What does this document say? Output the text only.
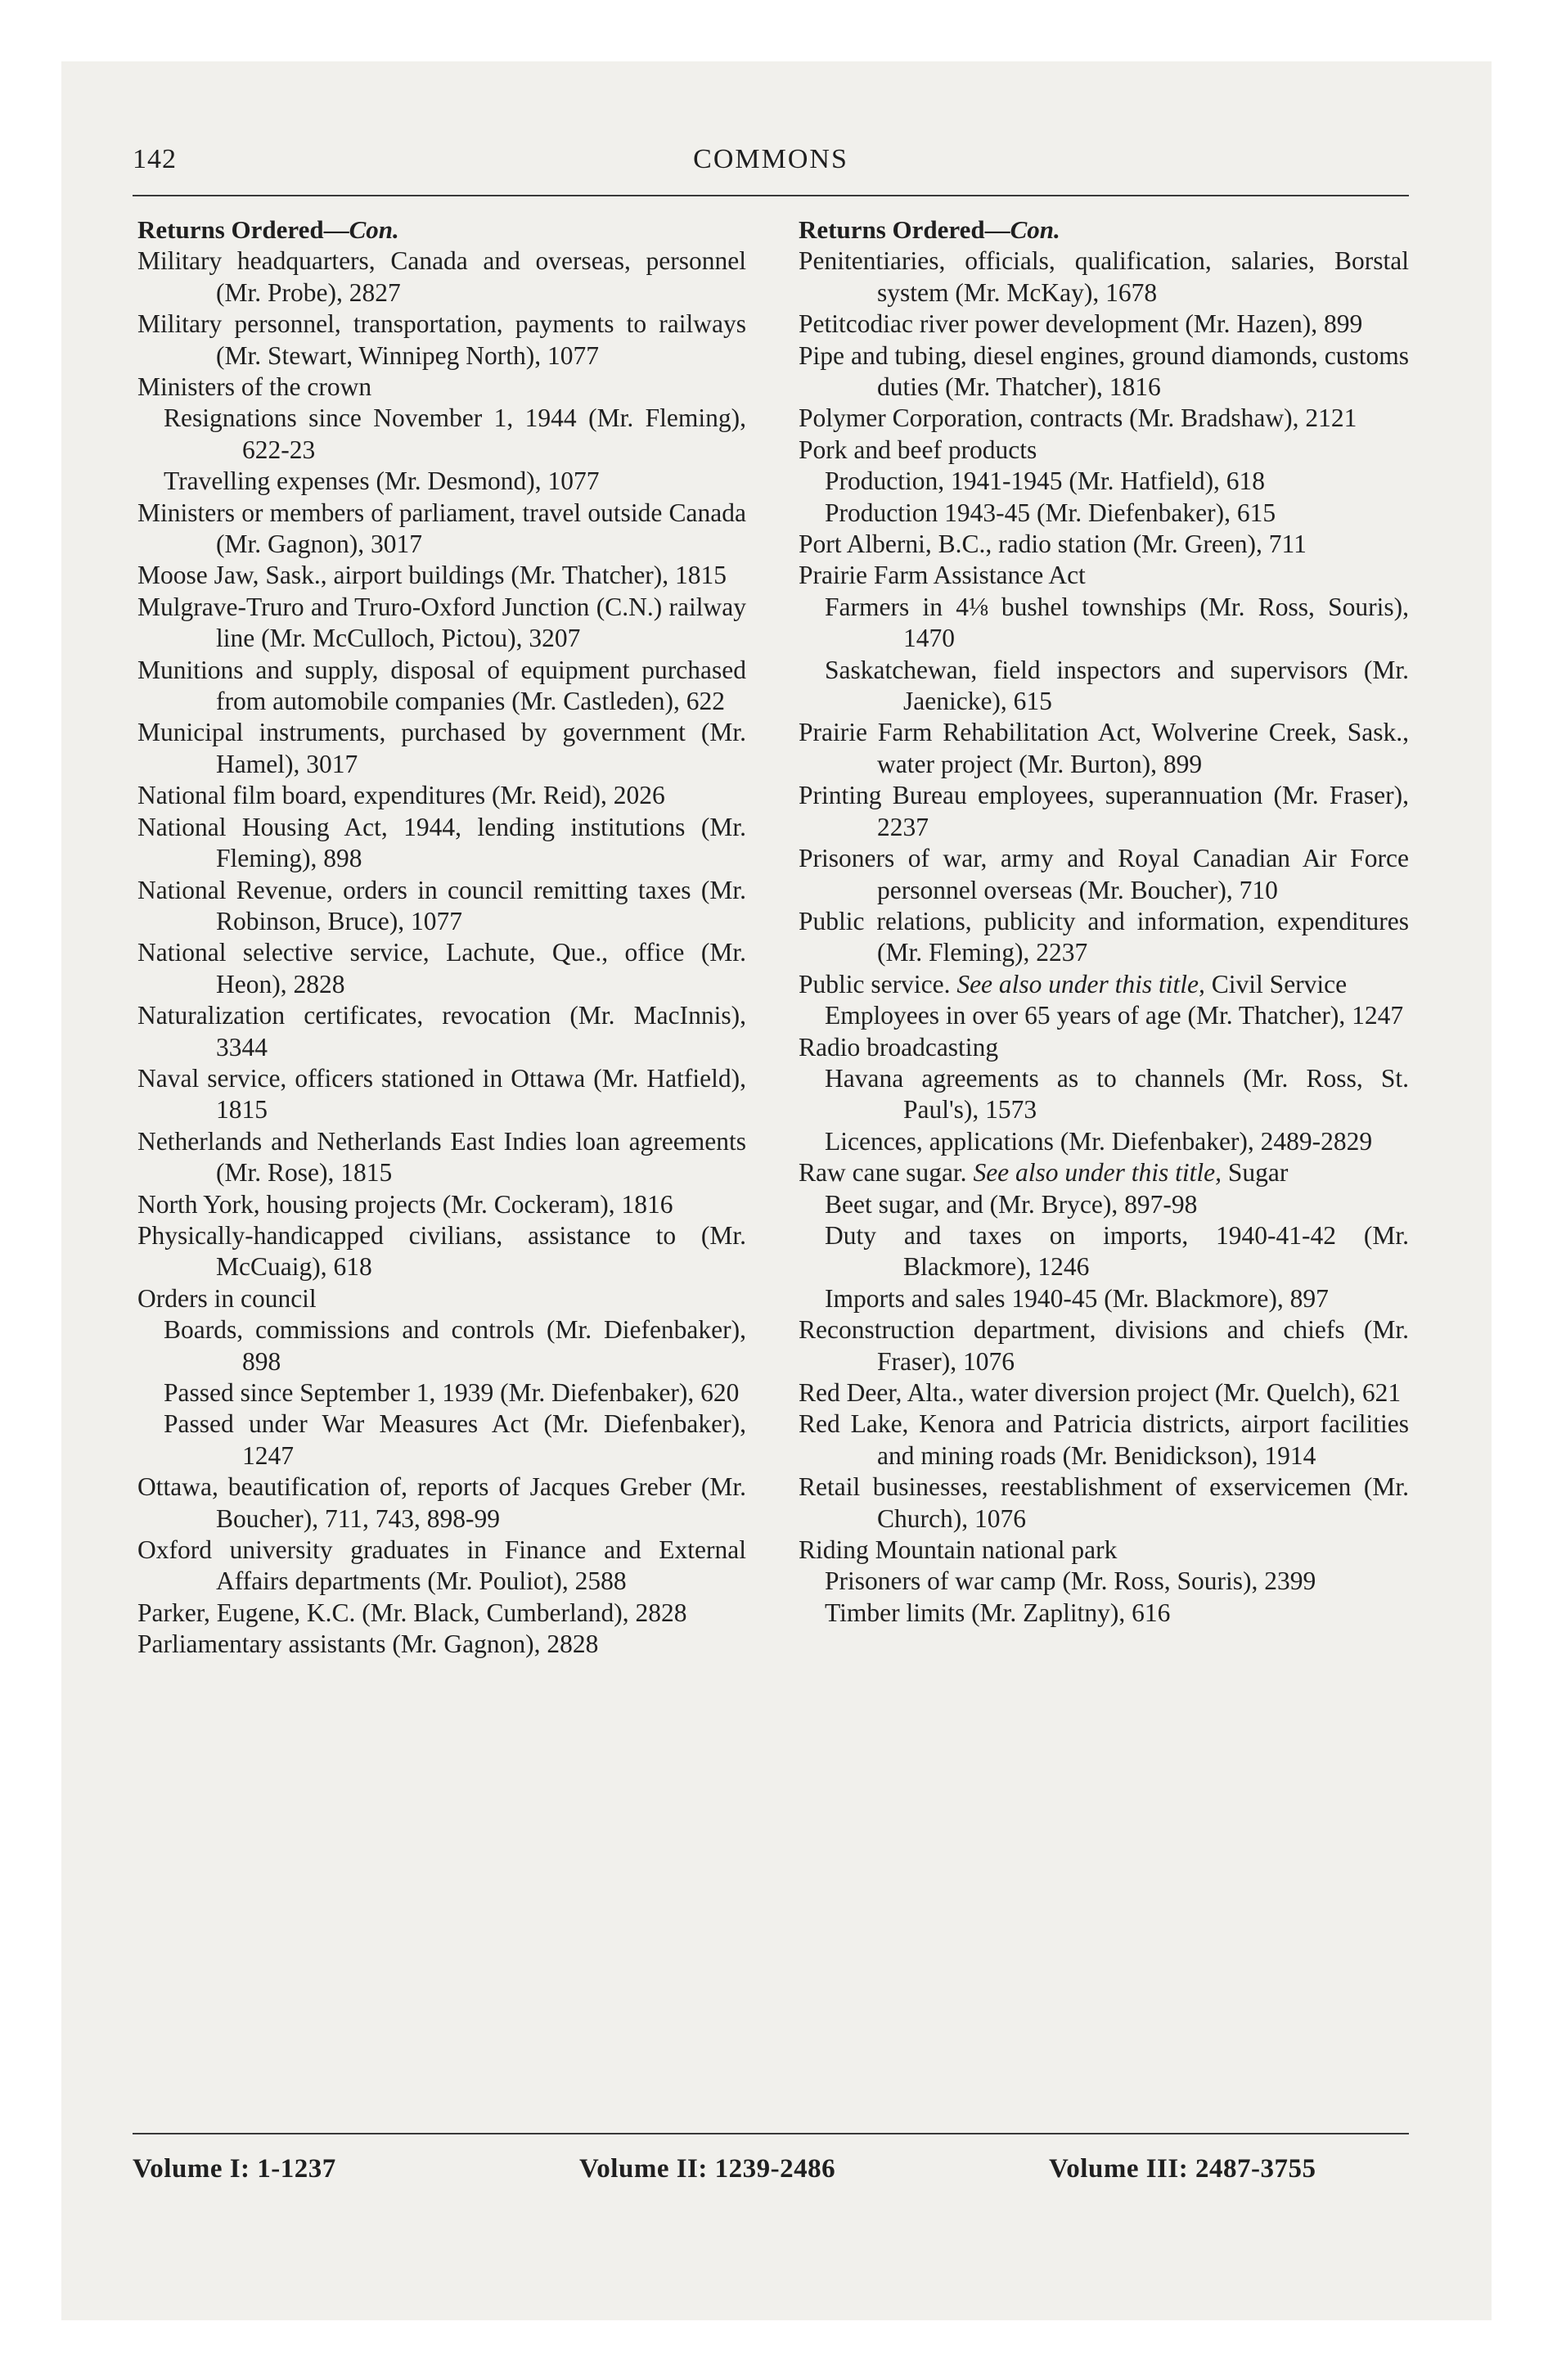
142	COMMONS
Returns Ordered—Con.
Military headquarters, Canada and overseas, personnel (Mr. Probe), 2827
Military personnel, transportation, payments to railways (Mr. Stewart, Winnipeg North), 1077
Ministers of the crown
Resignations since November 1, 1944 (Mr. Fleming), 622-23
Travelling expenses (Mr. Desmond), 1077
Ministers or members of parliament, travel outside Canada (Mr. Gagnon), 3017
Moose Jaw, Sask., airport buildings (Mr. Thatcher), 1815
Mulgrave-Truro and Truro-Oxford Junction (C.N.) railway line (Mr. McCulloch, Pictou), 3207
Munitions and supply, disposal of equipment purchased from automobile companies (Mr. Castleden), 622
Municipal instruments, purchased by government (Mr. Hamel), 3017
National film board, expenditures (Mr. Reid), 2026
National Housing Act, 1944, lending institutions (Mr. Fleming), 898
National Revenue, orders in council remitting taxes (Mr. Robinson, Bruce), 1077
National selective service, Lachute, Que., office (Mr. Heon), 2828
Naturalization certificates, revocation (Mr. MacInnis), 3344
Naval service, officers stationed in Ottawa (Mr. Hatfield), 1815
Netherlands and Netherlands East Indies loan agreements (Mr. Rose), 1815
North York, housing projects (Mr. Cockeram), 1816
Physically-handicapped civilians, assistance to (Mr. McCuaig), 618
Orders in council
Boards, commissions and controls (Mr. Diefenbaker), 898
Passed since September 1, 1939 (Mr. Diefenbaker), 620
Passed under War Measures Act (Mr. Diefenbaker), 1247
Ottawa, beautification of, reports of Jacques Greber (Mr. Boucher), 711, 743, 898-99
Oxford university graduates in Finance and External Affairs departments (Mr. Pouliot), 2588
Parker, Eugene, K.C. (Mr. Black, Cumberland), 2828
Parliamentary assistants (Mr. Gagnon), 2828
Returns Ordered—Con.
Penitentiaries, officials, qualification, salaries, Borstal system (Mr. McKay), 1678
Petitcodiac river power development (Mr. Hazen), 899
Pipe and tubing, diesel engines, ground diamonds, customs duties (Mr. Thatcher), 1816
Polymer Corporation, contracts (Mr. Bradshaw), 2121
Pork and beef products
Production, 1941-1945 (Mr. Hatfield), 618
Production 1943-45 (Mr. Diefenbaker), 615
Port Alberni, B.C., radio station (Mr. Green), 711
Prairie Farm Assistance Act
Farmers in 4⅛ bushel townships (Mr. Ross, Souris), 1470
Saskatchewan, field inspectors and supervisors (Mr. Jaenicke), 615
Prairie Farm Rehabilitation Act, Wolverine Creek, Sask., water project (Mr. Burton), 899
Printing Bureau employees, superannuation (Mr. Fraser), 2237
Prisoners of war, army and Royal Canadian Air Force personnel overseas (Mr. Boucher), 710
Public relations, publicity and information, expenditures (Mr. Fleming), 2237
Public service. See also under this title, Civil Service
Employees in over 65 years of age (Mr. Thatcher), 1247
Radio broadcasting
Havana agreements as to channels (Mr. Ross, St. Paul's), 1573
Licences, applications (Mr. Diefenbaker), 2489-2829
Raw cane sugar. See also under this title, Sugar
Beet sugar, and (Mr. Bryce), 897-98
Duty and taxes on imports, 1940-41-42 (Mr. Blackmore), 1246
Imports and sales 1940-45 (Mr. Blackmore), 897
Reconstruction department, divisions and chiefs (Mr. Fraser), 1076
Red Deer, Alta., water diversion project (Mr. Quelch), 621
Red Lake, Kenora and Patricia districts, airport facilities and mining roads (Mr. Benidickson), 1914
Retail businesses, reestablishment of exservicemen (Mr. Church), 1076
Riding Mountain national park
Prisoners of war camp (Mr. Ross, Souris), 2399
Timber limits (Mr. Zaplitny), 616
Volume I: 1-1237	Volume II: 1239-2486	Volume III: 2487-3755
